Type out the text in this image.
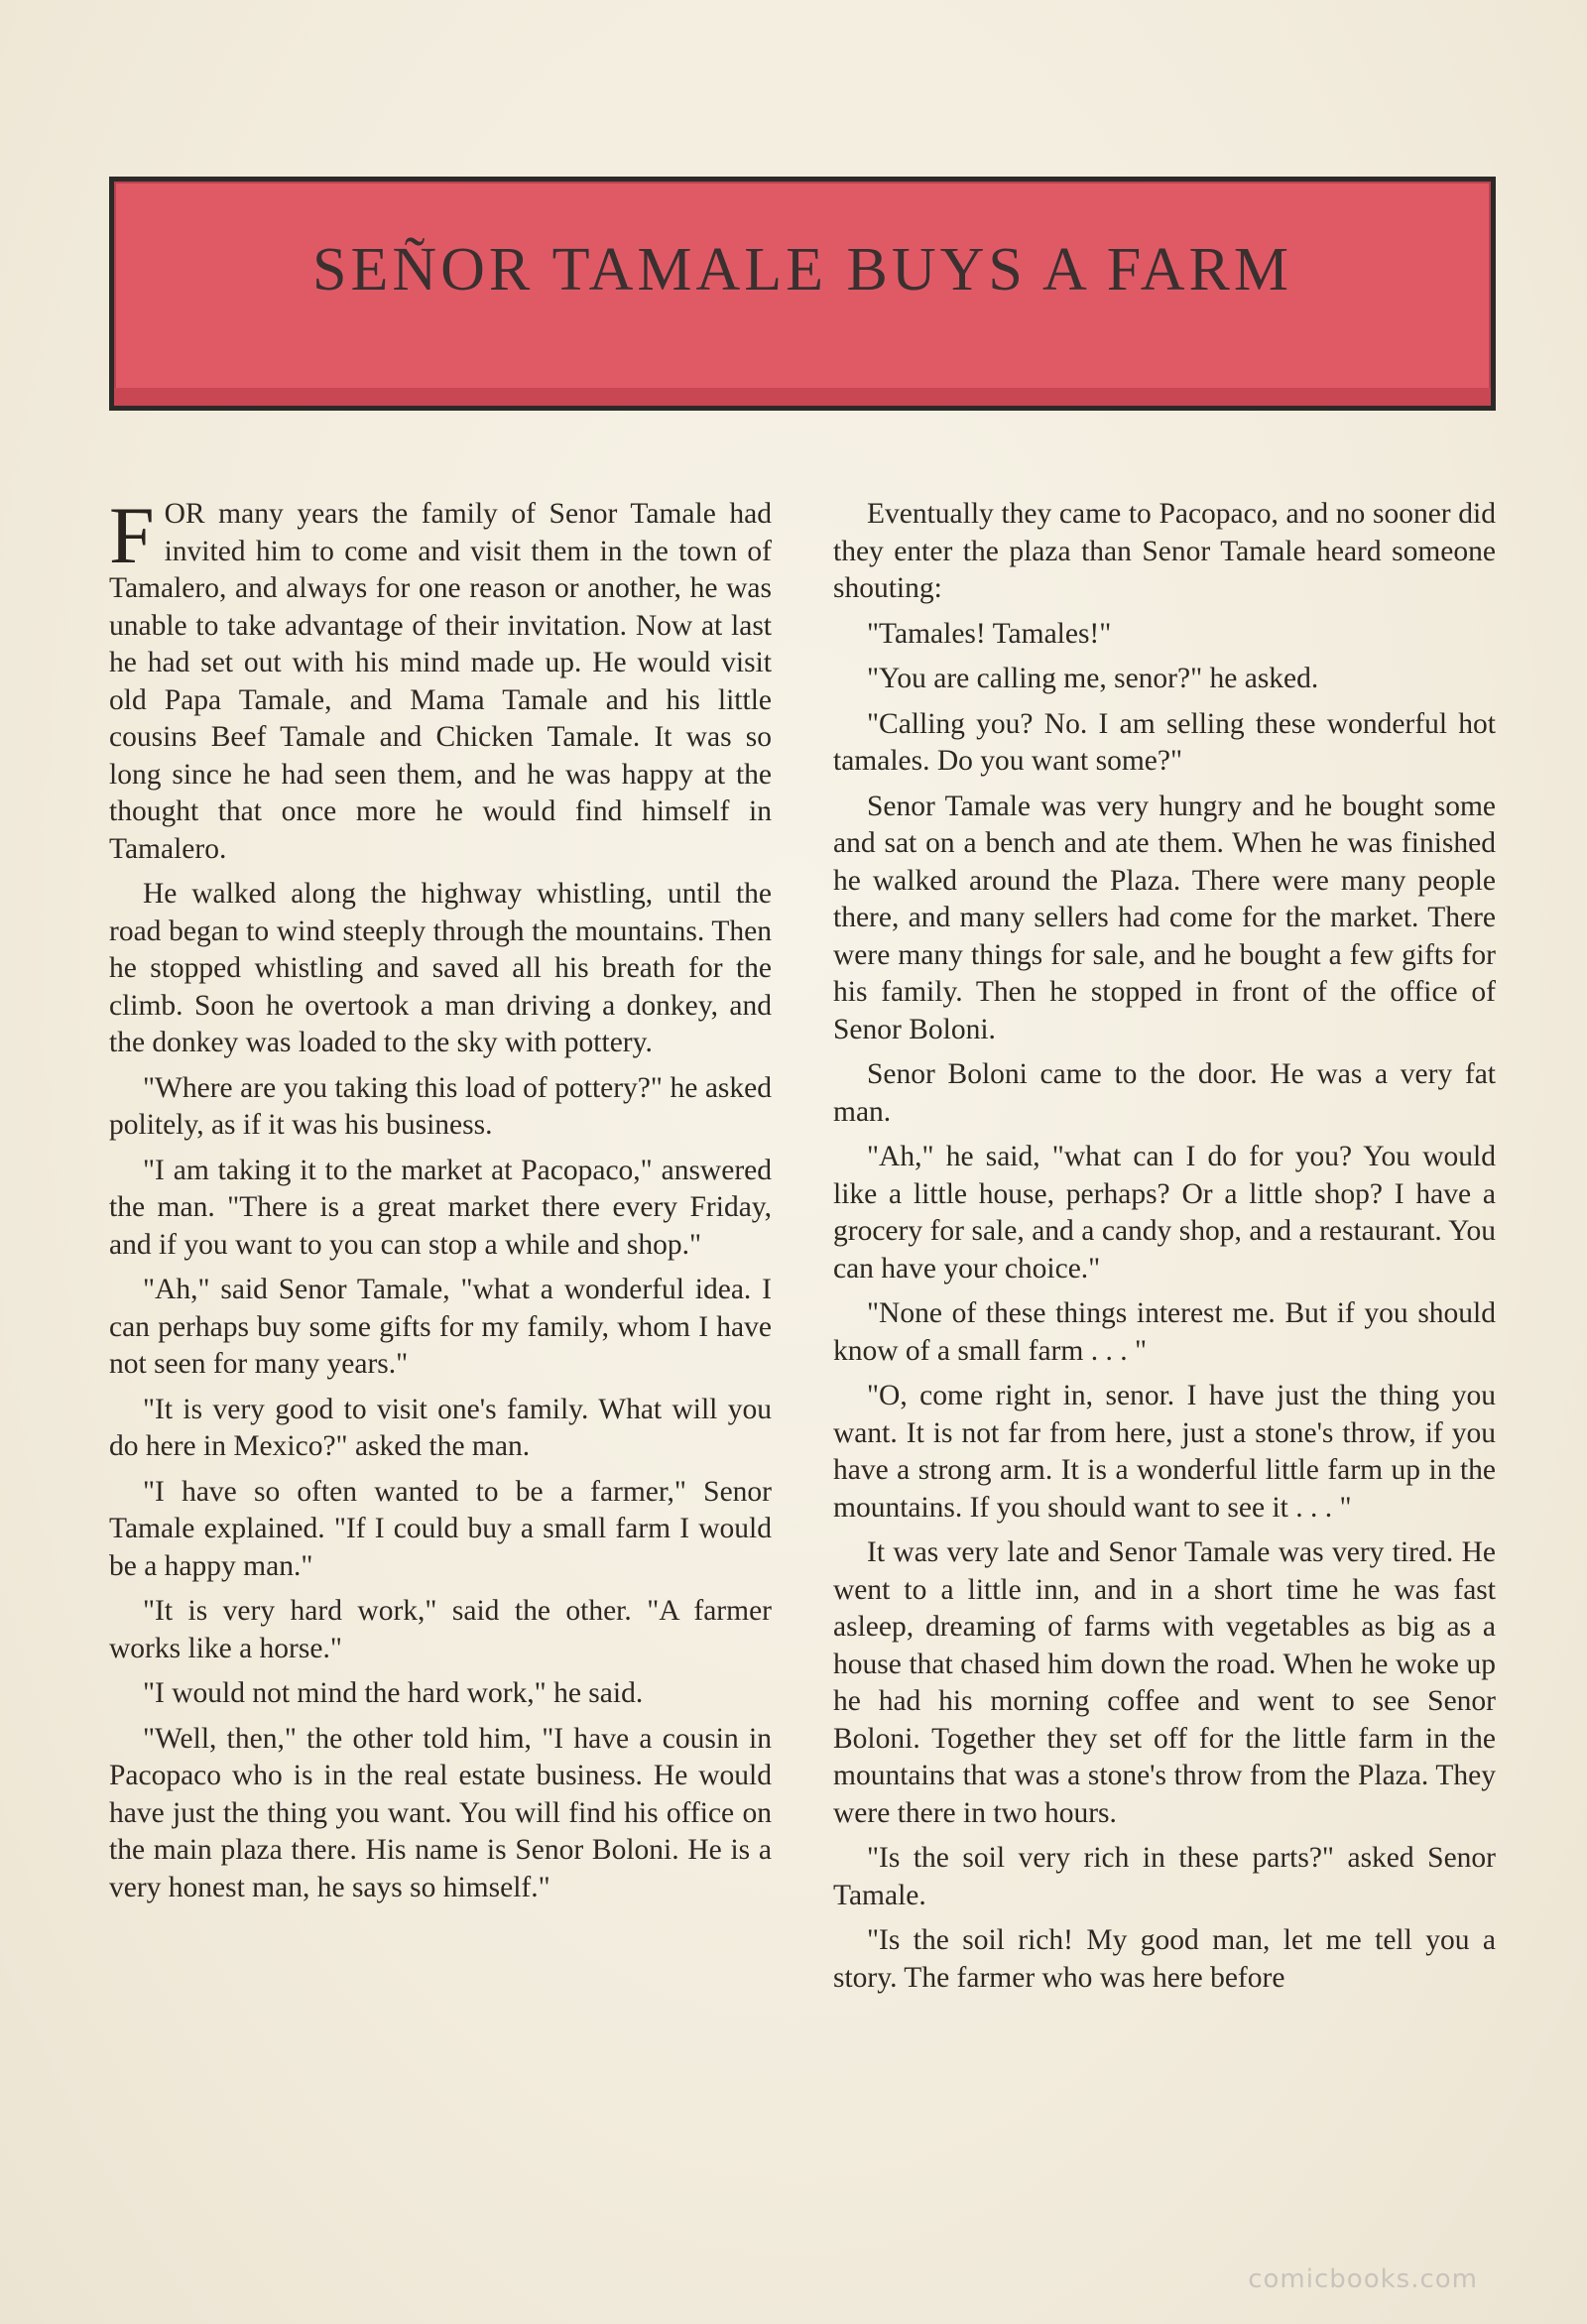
SEÑOR TAMALE BUYS A FARM

FOR many years the family of Senor Tamale had invited him to come and visit them in the town of Tamalero, and always for one reason or another, he was unable to take advantage of their invitation. Now at last he had set out with his mind made up. He would visit old Papa Tamale, and Mama Tamale and his little cousins Beef Tamale and Chicken Tamale. It was so long since he had seen them, and he was happy at the thought that once more he would find himself in Tamalero.

He walked along the highway whistling, until the road began to wind steeply through the mountains. Then he stopped whistling and saved all his breath for the climb. Soon he overtook a man driving a donkey, and the donkey was loaded to the sky with pottery.

"Where are you taking this load of pottery?" he asked politely, as if it was his business.

"I am taking it to the market at Pacopaco," answered the man. "There is a great market there every Friday, and if you want to you can stop a while and shop."

"Ah," said Senor Tamale, "what a wonderful idea. I can perhaps buy some gifts for my family, whom I have not seen for many years."

"It is very good to visit one's family. What will you do here in Mexico?" asked the man.

"I have so often wanted to be a farmer," Senor Tamale explained. "If I could buy a small farm I would be a happy man."

"It is very hard work," said the other. "A farmer works like a horse."

"I would not mind the hard work," he said.

"Well, then," the other told him, "I have a cousin in Pacopaco who is in the real estate business. He would have just the thing you want. You will find his office on the main plaza there. His name is Senor Boloni. He is a very honest man, he says so himself."

Eventually they came to Pacopaco, and no sooner did they enter the plaza than Senor Tamale heard someone shouting:

"Tamales! Tamales!"

"You are calling me, senor?" he asked.

"Calling you? No. I am selling these wonderful hot tamales. Do you want some?"

Senor Tamale was very hungry and he bought some and sat on a bench and ate them. When he was finished he walked around the Plaza. There were many people there, and many sellers had come for the market. There were many things for sale, and he bought a few gifts for his family. Then he stopped in front of the office of Senor Boloni.

Senor Boloni came to the door. He was a very fat man.

"Ah," he said, "what can I do for you? You would like a little house, perhaps? Or a little shop? I have a grocery for sale, and a candy shop, and a restaurant. You can have your choice."

"None of these things interest me. But if you should know of a small farm . . . "

"O, come right in, senor. I have just the thing you want. It is not far from here, just a stone's throw, if you have a strong arm. It is a wonderful little farm up in the mountains. If you should want to see it . . . "

It was very late and Senor Tamale was very tired. He went to a little inn, and in a short time he was fast asleep, dreaming of farms with vegetables as big as a house that chased him down the road. When he woke up he had his morning coffee and went to see Senor Boloni. Together they set off for the little farm in the mountains that was a stone's throw from the Plaza. They were there in two hours.

"Is the soil very rich in these parts?" asked Senor Tamale.

"Is the soil rich! My good man, let me tell you a story. The farmer who was here before

comicbooks.com
